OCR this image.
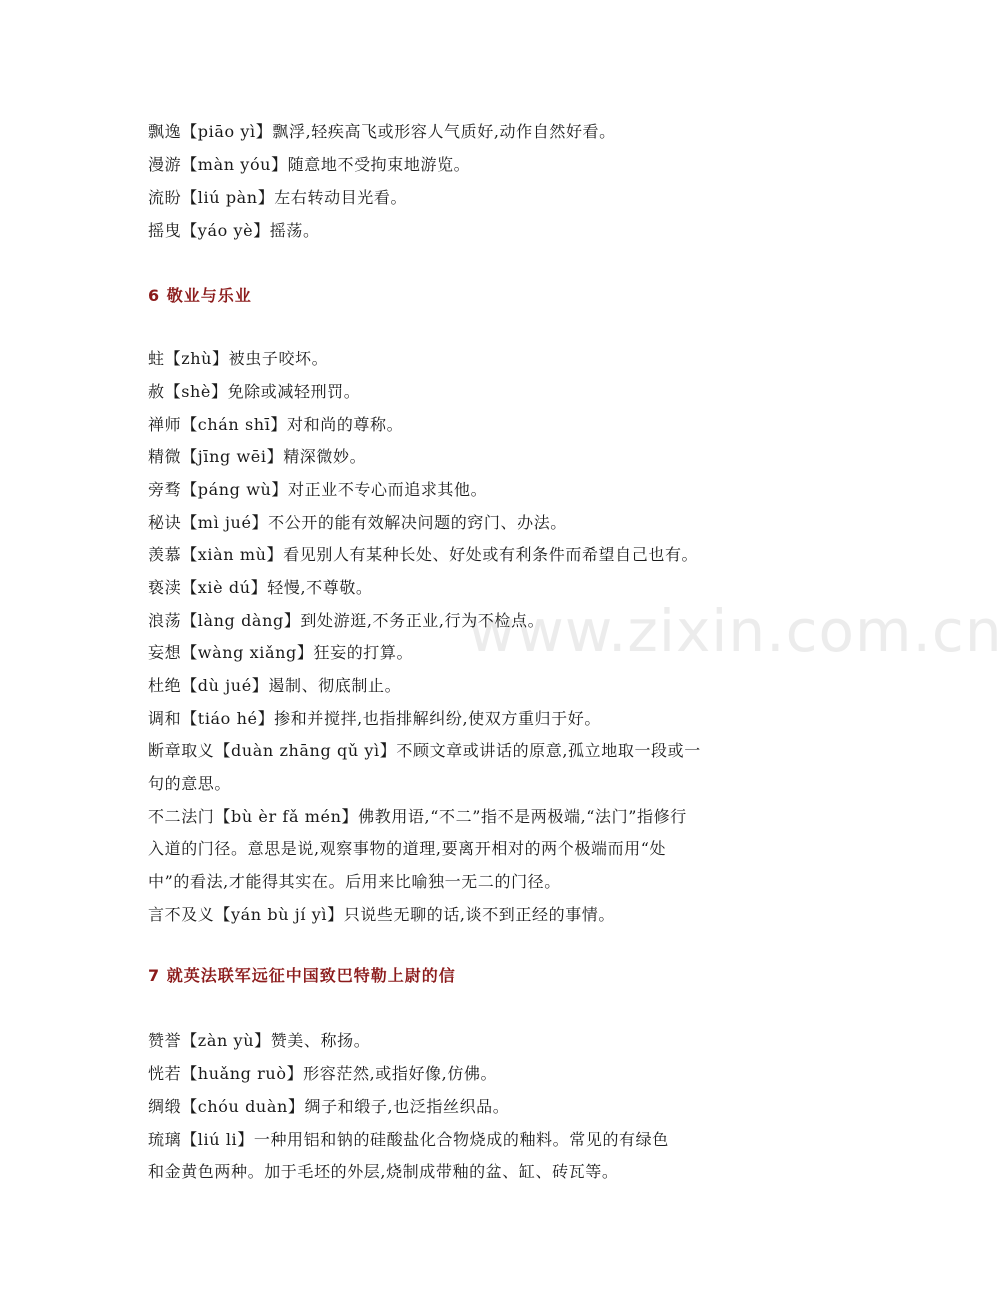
www.zixin.com.cn
飘逸【piāo yì】飘浮,轻疾高飞或形容人气质好,动作自然好看。
漫游【màn yóu】随意地不受拘束地游览。
流盼【liú pàn】左右转动目光看。
摇曳【yáo yè】摇荡。
6 敬业与乐业
蛀【zhù】被虫子咬坏。
赦【shè】免除或减轻刑罚。
禅师【chán shī】对和尚的尊称。
精微【jīng wēi】精深微妙。
旁骛【páng wù】对正业不专心而追求其他。
秘诀【mì jué】不公开的能有效解决问题的窍门、办法。
羡慕【xiàn mù】看见别人有某种长处、好处或有利条件而希望自己也有。
亵渎【xiè dú】轻慢,不尊敬。
浪荡【làng dàng】到处游逛,不务正业,行为不检点。
妄想【wàng xiǎng】狂妄的打算。
杜绝【dù jué】遏制、彻底制止。
调和【tiáo hé】掺和并搅拌,也指排解纠纷,使双方重归于好。
断章取义【duàn zhāng qǔ yì】不顾文章或讲话的原意,孤立地取一段或一
句的意思。
不二法门【bù èr fǎ mén】佛教用语,“不二”指不是两极端,“法门”指修行
入道的门径。意思是说,观察事物的道理,要离开相对的两个极端而用“处
中”的看法,才能得其实在。后用来比喻独一无二的门径。
言不及义【yán bù jí yì】只说些无聊的话,谈不到正经的事情。
7 就英法联军远征中国致巴特勒上尉的信
赞誉【zàn yù】赞美、称扬。
恍若【huǎng ruò】形容茫然,或指好像,仿佛。
绸缎【chóu duàn】绸子和缎子,也泛指丝织品。
琉璃【liú li】一种用铝和钠的硅酸盐化合物烧成的釉料。常见的有绿色
和金黄色两种。加于毛坯的外层,烧制成带釉的盆、缸、砖瓦等。
